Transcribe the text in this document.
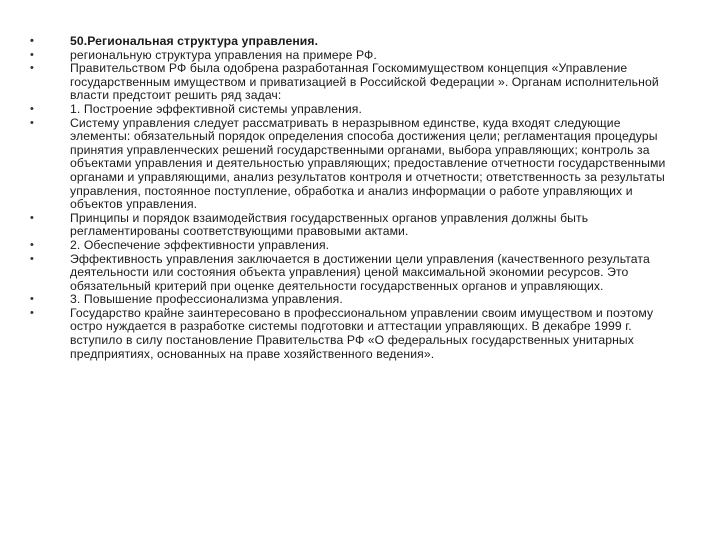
•	50.Региональная структура управления.
•	региональную структура управления на примере РФ.
•	Правительством РФ была одобрена разработанная Госкомимуществом концепция «Управление государственным имуществом и приватизацией в Российской Федерации ». Органам исполнительной власти предстоит решить ряд задач:
•	1. Построение эффективной системы управления.
•	Систему управления следует рассматривать в неразрывном единстве, куда входят следующие элементы: обязательный порядок определения способа достижения цели; регламентация процедуры принятия управленческих решений государственными органами, выбора управляющих; контроль за объектами управления и деятельностью управляющих; предоставление отчетности государственными органами и управляющими, анализ результатов контроля и отчетности; ответственность за результаты управления, постоянное поступление, обработка и анализ информации о работе управляющих и объектов управления.
•	Принципы и порядок взаимодействия государственных органов управления должны быть регламентированы соответствующими правовыми актами.
•	2. Обеспечение эффективности управления.
•	Эффективность управления заключается в достижении цели управления (качественного результата деятельности или состояния объекта управления) ценой максимальной экономии ресурсов. Это обязательный критерий при оценке деятельности государственных органов и управляющих.
•	3. Повышение профессионализма управления.
•	Государство крайне заинтересовано в профессиональном управлении своим имуществом и поэтому остро нуждается в разработке системы подготовки и аттестации управляющих. В декабре 1999 г. вступило в силу постановление Правительства РФ «О федеральных государственных унитарных предприятиях, основанных на праве хозяйственного ведения».
